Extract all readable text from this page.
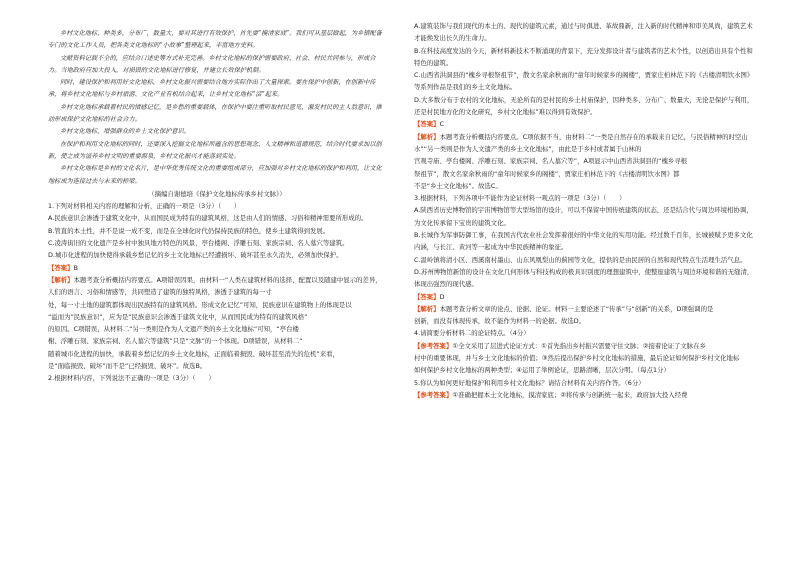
乡村文化地标，种类多，分布广，数量大，要对其进行有效保护，首先要“摸清家底”。我们可从基层做起，为乡镇配备专门的文化工作人员，把各类文化地标的“小故事”整理起来，丰富地方史料。

文献资料记载不全的，应结合口述史等方式补充完善。乡村文化地标的保护需要政府、社会、村民共同参与，形成合力。当地政府应加大投入，对损毁的文化地标进行修复，并建立长效保护机制。

同时，建设保护和利用好文化地标，乡村文化振兴需要结合地方实际作出了大量探索。要在保护中创新，在创新中传承，将乡村文化地标与乡村旅游、文化产业有机结合起来，让乡村文化地标“活”起来。

乡村文化地标承载着村民的情感记忆，是乡愁的重要载体，在保护中要注重听取村民意见，激发村民的主人翁意识，推动形成保护文化地标的社会合力。

乡村文化地标，增强群众的乡土文化保护意识。

在保护和利用文化地标的同时，还要深入挖掘文化地标所蕴含的思想观念、人文精神和道德规范，结合时代要求加以创新，使之成为滋养乡村文明的重要源泉，乡村文化振兴才能落到实处。

乡村文化地标是乡村的文化名片，是中华优秀传统文化的重要组成部分，应加强对乡村文化地标的保护和利用，让文化地标成为连接过去与未来的桥梁。

（摘编自谢德培《保护文化地标传承乡村文脉》）

1.下列对材料相关内容的理解和分析，正确的一项是（3分）（　　）

A.民族意识会渗透于建筑文化中，从而国民成为特有的建筑风格，这是由人们的情感、习俗和精神需要所形成的。

B.管直的本土性，并不是说一成不变，而是在全球化时代仍保持民族的特色，使乡土建筑得到发展。

C.凌涛街旧的文化遗产是乡村中独具地方特色的风景，亭台楼阁、浮雕石刻、家族宗祠、名人墓穴等建筑。

D.城市化进程的加快使得承载乡愁记忆的乡土文化地标已经遭损坏、破坏甚至永久消失，必须加快保护。

【答案】B

【解析】本题考查分析概括内容要点。A项错误因果，由材料一“人类在建筑材料的选择、配置以及随建中显示的差异，人们的语言、习俗和情感等，共同塑造了建筑的独特风格，渗透于建筑的每一寸

处，每一寸土地的建筑都体现出民族特有的建筑风格。形成文化记忆”可知，民族意识在建筑物上的体现是以

“溢而为”民族意识”，应为是“民族意识会渗透于建筑文化中，从而国民成为特有的建筑风格”

的原因。C项错误，从材料二“另一类则是作为人文遗产类的乡土文化地标”可知，“亭台楼

榭、浮雕石刻、家族宗祠、名人墓穴等建筑”只是“文脉”的一个体现。D项错误，从材料二“

随着城市化进程的加快，承载着乡愁记忆的乡土文化地标，正面临着损毁、破坏甚至消失的危机”来看，

是“面临损毁、破坏”而不是“已经损毁、破坏”。故选B。

2.根据材料内容，下列说法不正确的一项是（3分）（　　）

A.建筑装饰与我们现代的本土的、现代的建筑元素，通过与时俱进、革故鼎新，注入新的时代精神和审美风尚，建筑艺术才能焕发出长久的生命力。

B.在科技高度发达的今天，新材料新技术不断涌现的背景下，充分发挥设计者与建筑者的艺术个性，以创造出具有个性和特色的建筑。

C.山西省洪洞县的“槐乡寻根祭祖节”，散文名家余秋雨的“童年时候家乡的阁楼”，贾家庄柏林范下的《古楼清明饮水图》等系列作品是我们的乡土文化地标。

D.大多数分布于农村的文化地标，无论所有的是村民的乡土村庙保护，因种类多、分布广、数量大，无论是保护与利用，还是村民地方化的文化研究，乡村文化地标”难以得到有效保护。

【答案】C

【解析】本题考查分析概括内容要点。C项依据不当，由材料二“一类是自然存在的承载来自记忆，与民俗精神的时空山水”“另一类则是作为人文遗产类的乡土文化地标”，由此是于乡村或者属于山林的

宫观寺庙、亭台楼阁、浮雕石刻、家族宗祠、名人墓穴等”，A项显示中山西省洪洞县的“槐乡寻根

祭祖节”，散文名家余秋雨的“童年时候家乡的阁楼”，贾家庄柏林范下的《古楼清明饮水图》都

不是“乡土文化地标”。故选C。

3.根据材料，下列各项中不能作为论证材料一观点的一项是（3分）（　　）

A.陕西省历史博物馆的宇宙博物馆等大型场馆的设计，可以不保留中国传统建筑的状态，还是结合代与周边环境相协调，为文化传承留下宝贵的建筑文化。

B.长城作为军事防御工事，在我国古代农业社会发挥着很好的中华文化的实用功能。经过数千百年，长城被赋予更多文化内涵，与长江、黄河等一起成为中华民族精神的象征。

C.温岭镇将清小区、西溪南村墨山、山东风凰梨山的蓟园等文化，提供的是由民居的自然和现代特点生活理生活气息。

D.苏州博物馆新馆的设计在文化几何形体与科技构成的极具识别度的理想建筑中，使整座建筑与周边环境和谐的无缝清，体现出强烈的现代感。

【答案】D

【解析】本题考查分析文章的论点、论据、论证。材料一主要论述了“传承”与“创新”的关系，D项强调的是

创新，而没有体现传承，故不能作为材料一的论据。故选D。

4.请简要分析材料二的论证特点。（4分）

【参考答案】①全文采用了层进式论证方式：①首先指出乡村振兴需要守住文脉；②接着论证了文脉在乡

村中的重要体现，并与乡土文化地标的价值；③然后提出保护乡村文化地标的措施，最后论证如何保护乡村文化地标

如何保护乡村文化地标的两种类型；④运用了举例论证，思路清晰，层次分明。（每点1分）

5.你认为如何更好地保护和利用乡村文化地标？请结合材料有关内容作答。（6分）

【参考答案】①准确把握本土文化地标，摸清家底；②将传承与创新统一起来，政府加大投入经费
